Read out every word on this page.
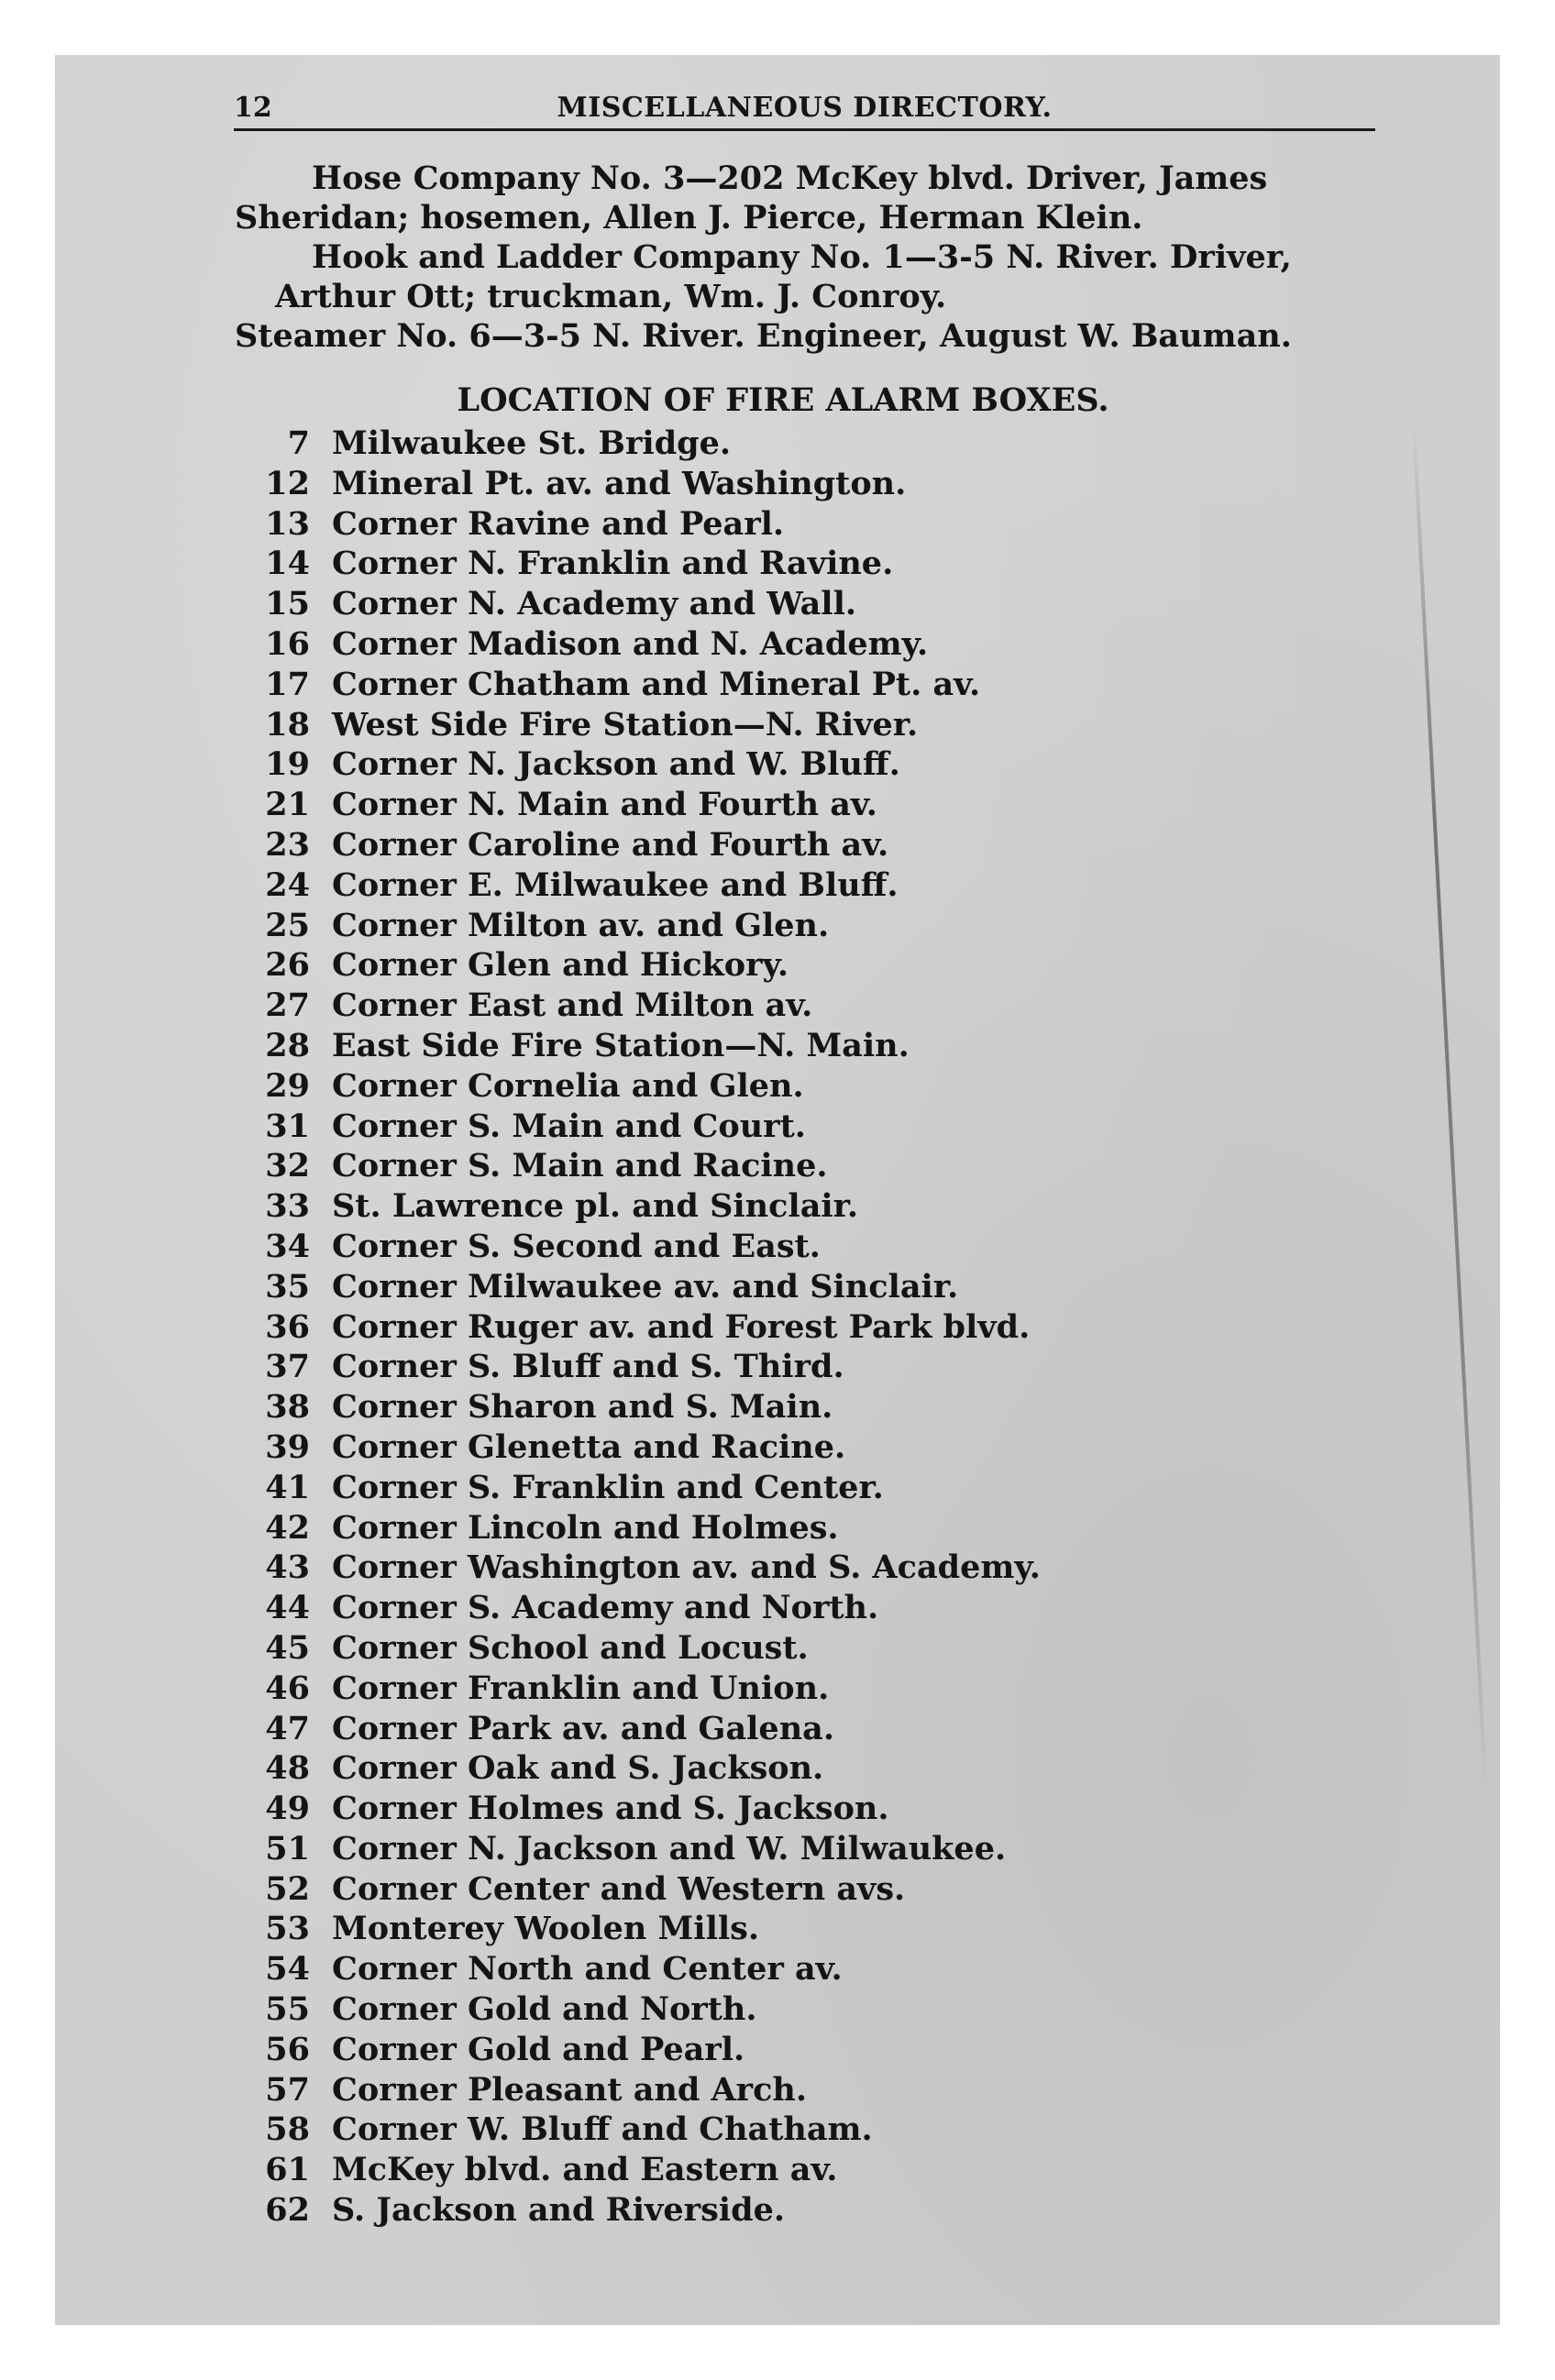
12	MISCELLANEOUS DIRECTORY.
Hose Company No. 3—202 McKey blvd. Driver, James
Sheridan; hosemen, Allen J. Pierce, Herman Klein.
Hook and Ladder Company No. 1—3-5 N. River. Driver,
Arthur Ott; truckman, Wm. J. Conroy.
Steamer No. 6—3-5 N. River. Engineer, August W. Bauman.
LOCATION OF FIRE ALARM BOXES.
7 Milwaukee St. Bridge.
12 Mineral Pt. av. and Washington.
13 Corner Ravine and Pearl.
14 Corner N. Franklin and Ravine.
15 Corner N. Academy and Wall.
16 Corner Madison and N. Academy.
17 Corner Chatham and Mineral Pt. av.
18 West Side Fire Station—N. River.
19 Corner N. Jackson and W. Bluff.
21 Corner N. Main and Fourth av.
23 Corner Caroline and Fourth av.
24 Corner E. Milwaukee and Bluff.
25 Corner Milton av. and Glen.
26 Corner Glen and Hickory.
27 Corner East and Milton av.
28 East Side Fire Station—N. Main.
29 Corner Cornelia and Glen.
31 Corner S. Main and Court.
32 Corner S. Main and Racine.
33 St. Lawrence pl. and Sinclair.
34 Corner S. Second and East.
35 Corner Milwaukee av. and Sinclair.
36 Corner Ruger av. and Forest Park blvd.
37 Corner S. Bluff and S. Third.
38 Corner Sharon and S. Main.
39 Corner Glenetta and Racine.
41 Corner S. Franklin and Center.
42 Corner Lincoln and Holmes.
43 Corner Washington av. and S. Academy.
44 Corner S. Academy and North.
45 Corner School and Locust.
46 Corner Franklin and Union.
47 Corner Park av. and Galena.
48 Corner Oak and S. Jackson.
49 Corner Holmes and S. Jackson.
51 Corner N. Jackson and W. Milwaukee.
52 Corner Center and Western avs.
53 Monterey Woolen Mills.
54 Corner North and Center av.
55 Corner Gold and North.
56 Corner Gold and Pearl.
57 Corner Pleasant and Arch.
58 Corner W. Bluff and Chatham.
61 McKey blvd. and Eastern av.
62 S. Jackson and Riverside.
